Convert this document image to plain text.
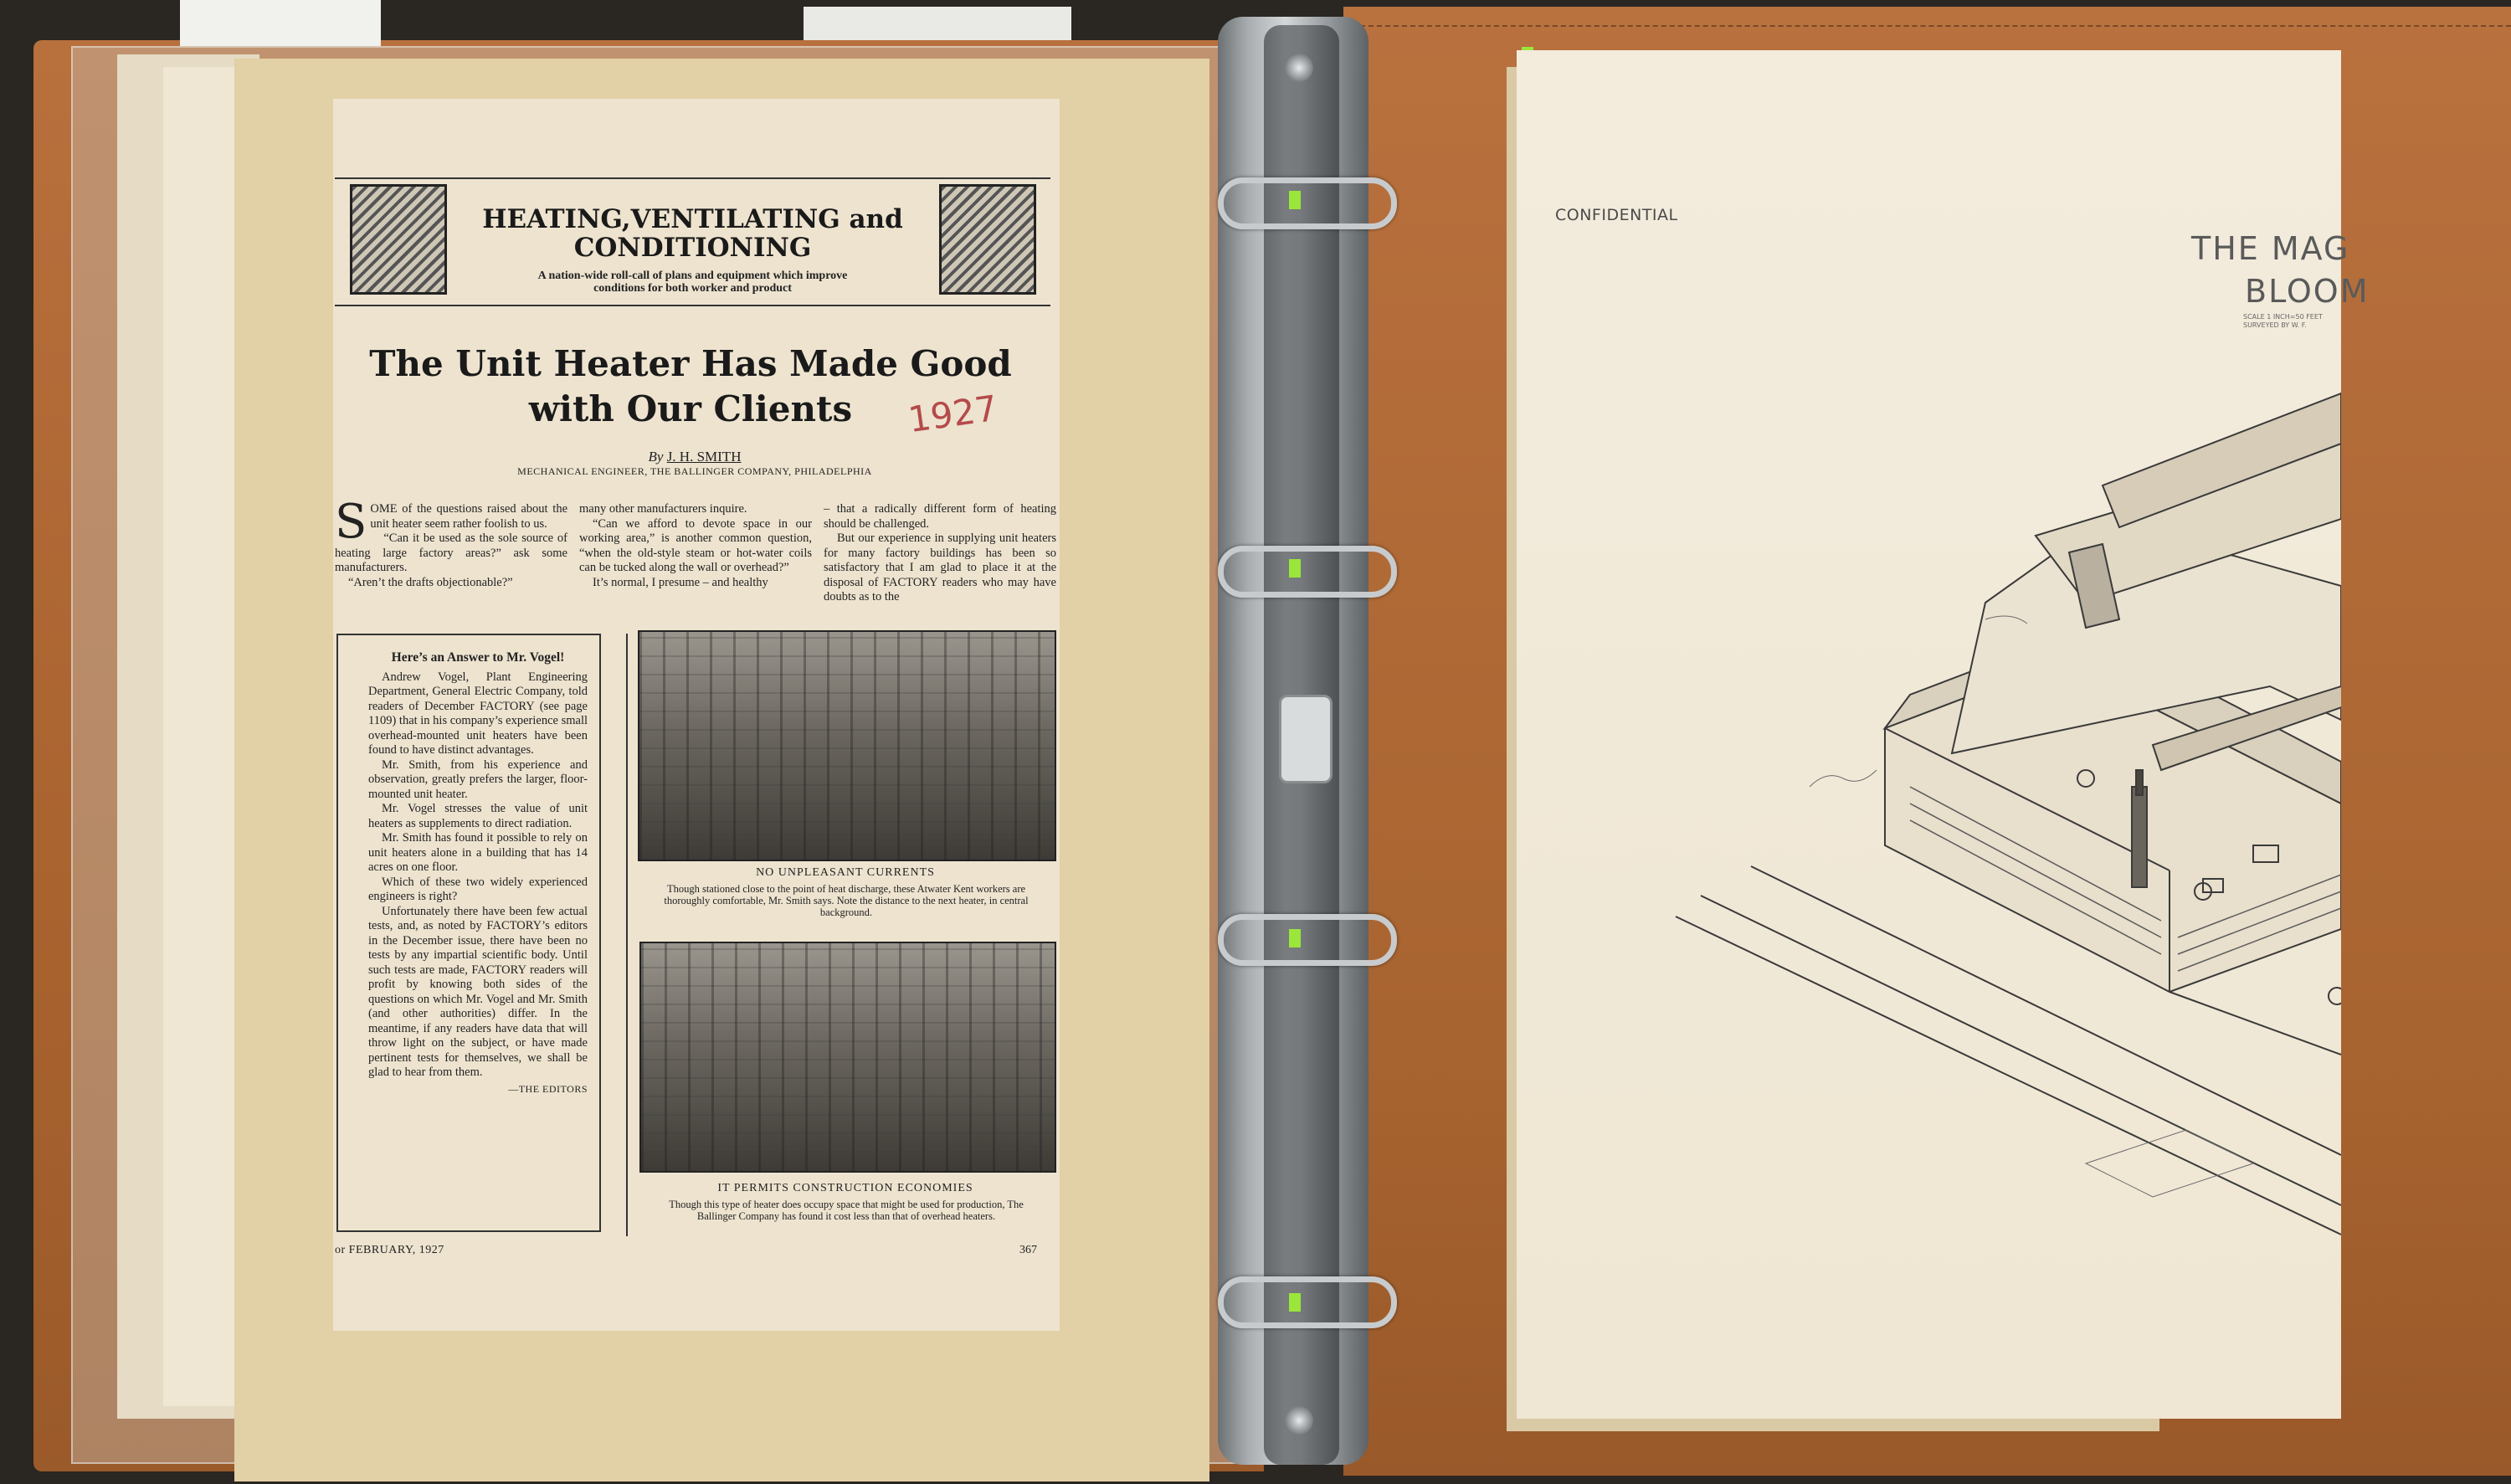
HEATING,VENTILATING and
CONDITIONING
A nation-wide roll-call of plans and equipment which improve
conditions for both worker and product
The Unit Heater Has Made Good
with Our Clients	1927
By J. H. SMITH
MECHANICAL ENGINEER, THE BALLINGER COMPANY, PHILADELPHIA

SOME of the questions raised about the unit heater seem rather foolish to us.

“Can it be used as the sole source of heating large factory areas?” ask some manufacturers.

“Aren’t the drafts objectionable?”

many other manufacturers inquire.

“Can we afford to devote space in our working area,” is another common question, “when the old-style steam or hot-water coils can be tucked along the wall or overhead?”

It’s normal, I presume – and healthy

– that a radically different form of heating should be challenged.

But our experience in supplying unit heaters for many factory buildings has been so satisfactory that I am glad to place it at the disposal of FACTORY readers who may have doubts as to the

Here’s an Answer to Mr. Vogel!

Andrew Vogel, Plant Engineering Department, General Electric Company, told readers of December FACTORY (see page 1109) that in his company’s experience small overhead-mounted unit heaters have been found to have distinct advantages.

Mr. Smith, from his experience and observation, greatly prefers the larger, floor-mounted unit heater.

Mr. Vogel stresses the value of unit heaters as supplements to direct radiation.

Mr. Smith has found it possible to rely on unit heaters alone in a building that has 14 acres on one floor.

Which of these two widely experienced engineers is right?

Unfortunately there have been few actual tests, and, as noted by FACTORY’s editors in the December issue, there have been no tests by any impartial scientific body. Until such tests are made, FACTORY readers will profit by knowing both sides of the questions on which Mr. Vogel and Mr. Smith (and other authorities) differ. In the meantime, if any readers have data that will throw light on the subject, or have made pertinent tests for themselves, we shall be glad to hear from them.

—THE EDITORS
NO UNPLEASANT CURRENTS
Though stationed close to the point of heat discharge, these Atwater Kent workers are thoroughly comfortable, Mr. Smith says. Note the distance to the next heater, in central background.
IT PERMITS CONSTRUCTION ECONOMIES
Though this type of heater does occupy space that might be used for production, The Ballinger Company has found it cost less than that of overhead heaters.
or FEBRUARY, 1927	367
CONFIDENTIAL
THE MAG
BLOOM
SCALE 1 INCH=50 FEET
SURVEYED BY W. F.
